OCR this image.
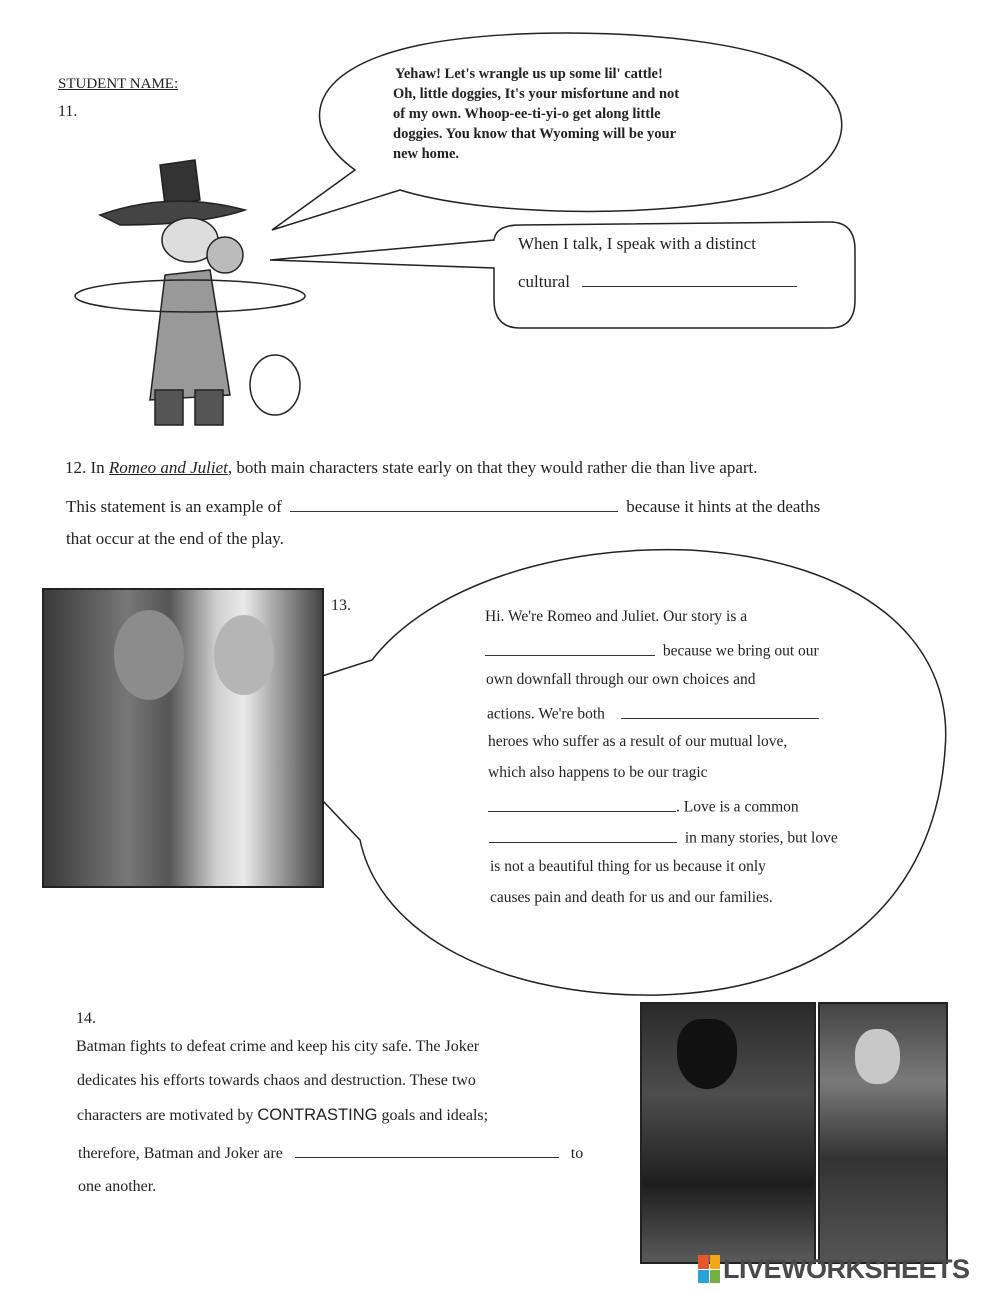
STUDENT NAME:
11.
Yehaw! Let's wrangle us up some lil' cattle!
Oh, little doggies, It's your misfortune and not
of my own. Whoop-ee-ti-yi-o get along little
doggies. You know that Wyoming will be your
new home.
When I talk, I speak with a distinct
cultural
12. In Romeo and Juliet, both main characters state early on that they would rather die than live apart.
This statement is an example of	because it hints at the deaths
that occur at the end of the play.
13.
Hi. We're Romeo and Juliet. Our story is a
because we bring out our
own downfall through our own choices and
actions. We're both
heroes who suffer as a result of our mutual love,
which also happens to be our tragic
. Love is a common
in many stories, but love
is not a beautiful thing for us because it only
causes pain and death for us and our families.
14.
Batman fights to defeat crime and keep his city safe. The Joker
dedicates his efforts towards chaos and destruction. These two
characters are motivated by CONTRASTING goals and ideals;
therefore, Batman and Joker are	to
one another.
LIVEWORKSHEETS
